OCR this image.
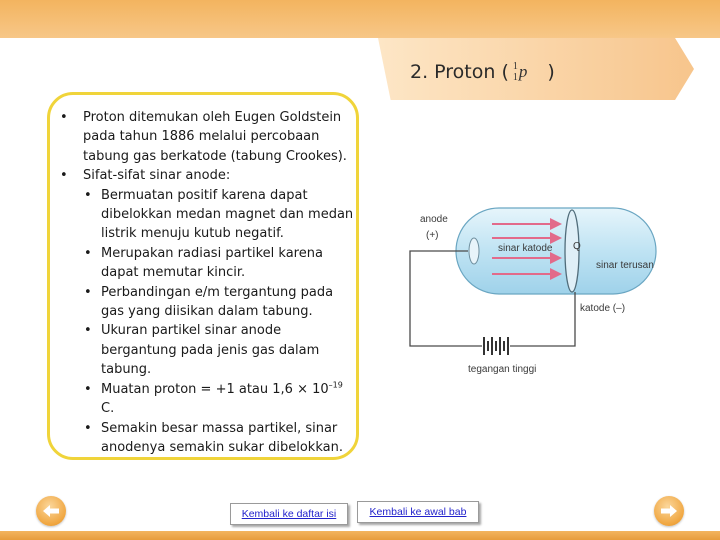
2. Proton ( 1
1 p )
• Proton ditemukan oleh Eugen Goldstein pada tahun 1886 melalui percobaan tabung gas berkatode (tabung Crookes).
• Sifat-sifat sinar anode:
• Bermuatan positif karena dapat dibelokkan medan magnet dan medan listrik menuju kutub negatif.
• Merupakan radiasi partikel karena dapat memutar kincir.
• Perbandingan e/m tergantung pada gas yang diisikan dalam tabung.
• Ukuran partikel sinar anode bergantung pada jenis gas dalam tabung.
• Muatan proton = +1 atau $1,6 \times 10^{-19}$ C.
• Semakin besar massa partikel, sinar anodenya semakin sukar dibelokkan.
Q
sinar katode
sinar terusan
anode
(+)
katode (–)
tegangan tinggi
Kembali ke daftar isi	Kembali ke awal bab
